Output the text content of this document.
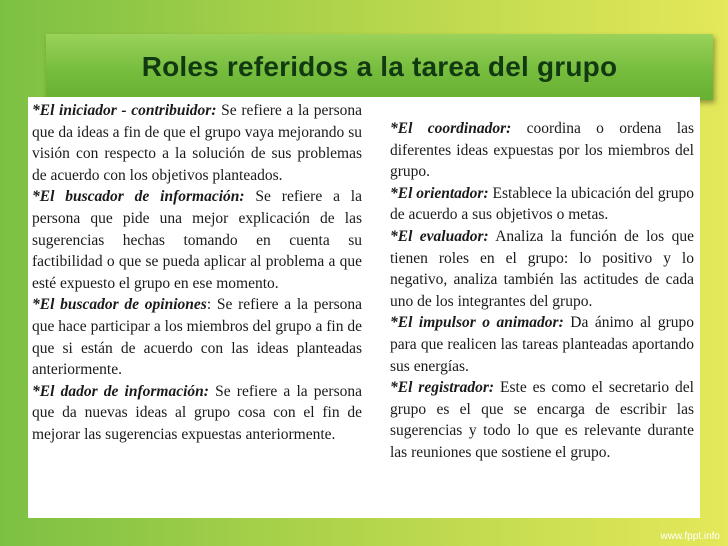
Roles referidos a la tarea del grupo

*El iniciador - contribuidor: Se refiere a la persona que da ideas a fin de que el grupo vaya mejorando su visión con respecto a la solución de sus problemas de acuerdo con los objetivos planteados.

*El buscador de información: Se refiere a la persona que pide una mejor explicación de las sugerencias hechas tomando en cuenta su factibilidad o que se pueda aplicar al problema a que esté expuesto el grupo en ese momento.

*El buscador de opiniones: Se refiere a la persona que hace participar a los miembros del grupo a fin de que si están de acuerdo con las ideas planteadas anteriormente.

*El dador de información: Se refiere a la persona que da nuevas ideas al grupo cosa con el fin de mejorar las sugerencias expuestas anteriormente.

*El coordinador: coordina o ordena las diferentes ideas expuestas por los miembros del grupo.

*El orientador: Establece la ubicación del grupo de acuerdo a sus objetivos o metas.

*El evaluador: Analiza la función de los que tienen roles en el grupo: lo positivo y lo negativo, analiza también las actitudes de cada uno de los integrantes del grupo.

*El impulsor o animador: Da ánimo al grupo para que realicen las tareas planteadas aportando sus energías.

*El registrador: Este es como el secretario del grupo es el que se encarga de escribir las sugerencias y todo lo que es relevante durante las reuniones que sostiene el grupo.

www.fppt.info
